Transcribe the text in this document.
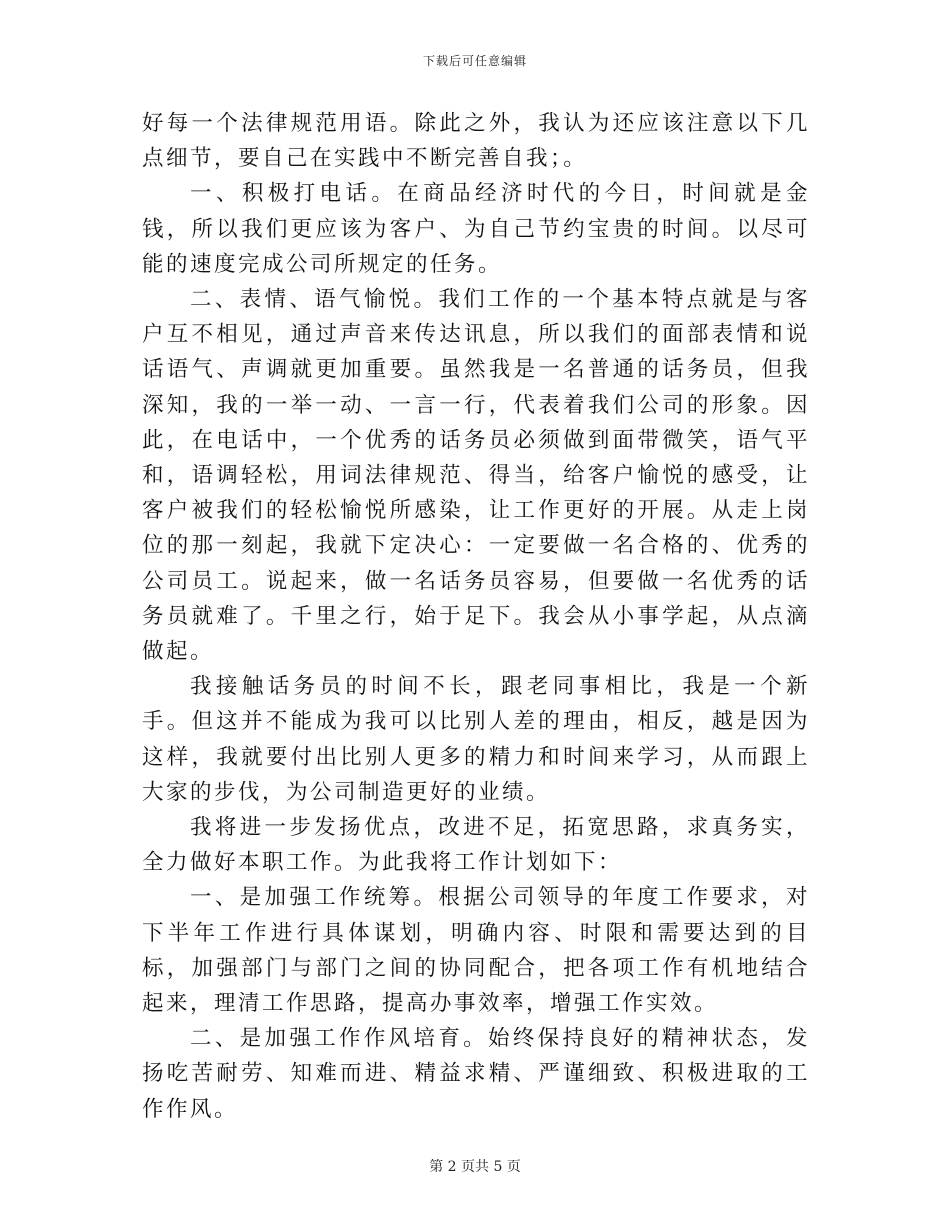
下载后可任意编辑

好每一个法律规范用语。除此之外，我认为还应该注意以下几点细节，要自己在实践中不断完善自我；。

一、积极打电话。在商品经济时代的今日，时间就是金钱，所以我们更应该为客户、为自己节约宝贵的时间。以尽可能的速度完成公司所规定的任务。

二、表情、语气愉悦。我们工作的一个基本特点就是与客户互不相见，通过声音来传达讯息，所以我们的面部表情和说话语气、声调就更加重要。虽然我是一名普通的话务员，但我深知，我的一举一动、一言一行，代表着我们公司的形象。因此，在电话中，一个优秀的话务员必须做到面带微笑，语气平和，语调轻松，用词法律规范、得当，给客户愉悦的感受，让客户被我们的轻松愉悦所感染，让工作更好的开展。从走上岗位的那一刻起，我就下定决心：一定要做一名合格的、优秀的公司员工。说起来，做一名话务员容易，但要做一名优秀的话务员就难了。千里之行，始于足下。我会从小事学起，从点滴做起。

我接触话务员的时间不长，跟老同事相比，我是一个新手。但这并不能成为我可以比别人差的理由，相反，越是因为这样，我就要付出比别人更多的精力和时间来学习，从而跟上大家的步伐，为公司制造更好的业绩。

我将进一步发扬优点，改进不足，拓宽思路，求真务实，全力做好本职工作。为此我将工作计划如下：

一、是加强工作统筹。根据公司领导的年度工作要求，对下半年工作进行具体谋划，明确内容、时限和需要达到的目标，加强部门与部门之间的协同配合，把各项工作有机地结合起来，理清工作思路，提高办事效率，增强工作实效。

二、是加强工作作风培育。始终保持良好的精神状态，发扬吃苦耐劳、知难而进、精益求精、严谨细致、积极进取的工作作风。

第 2 页共 5 页
